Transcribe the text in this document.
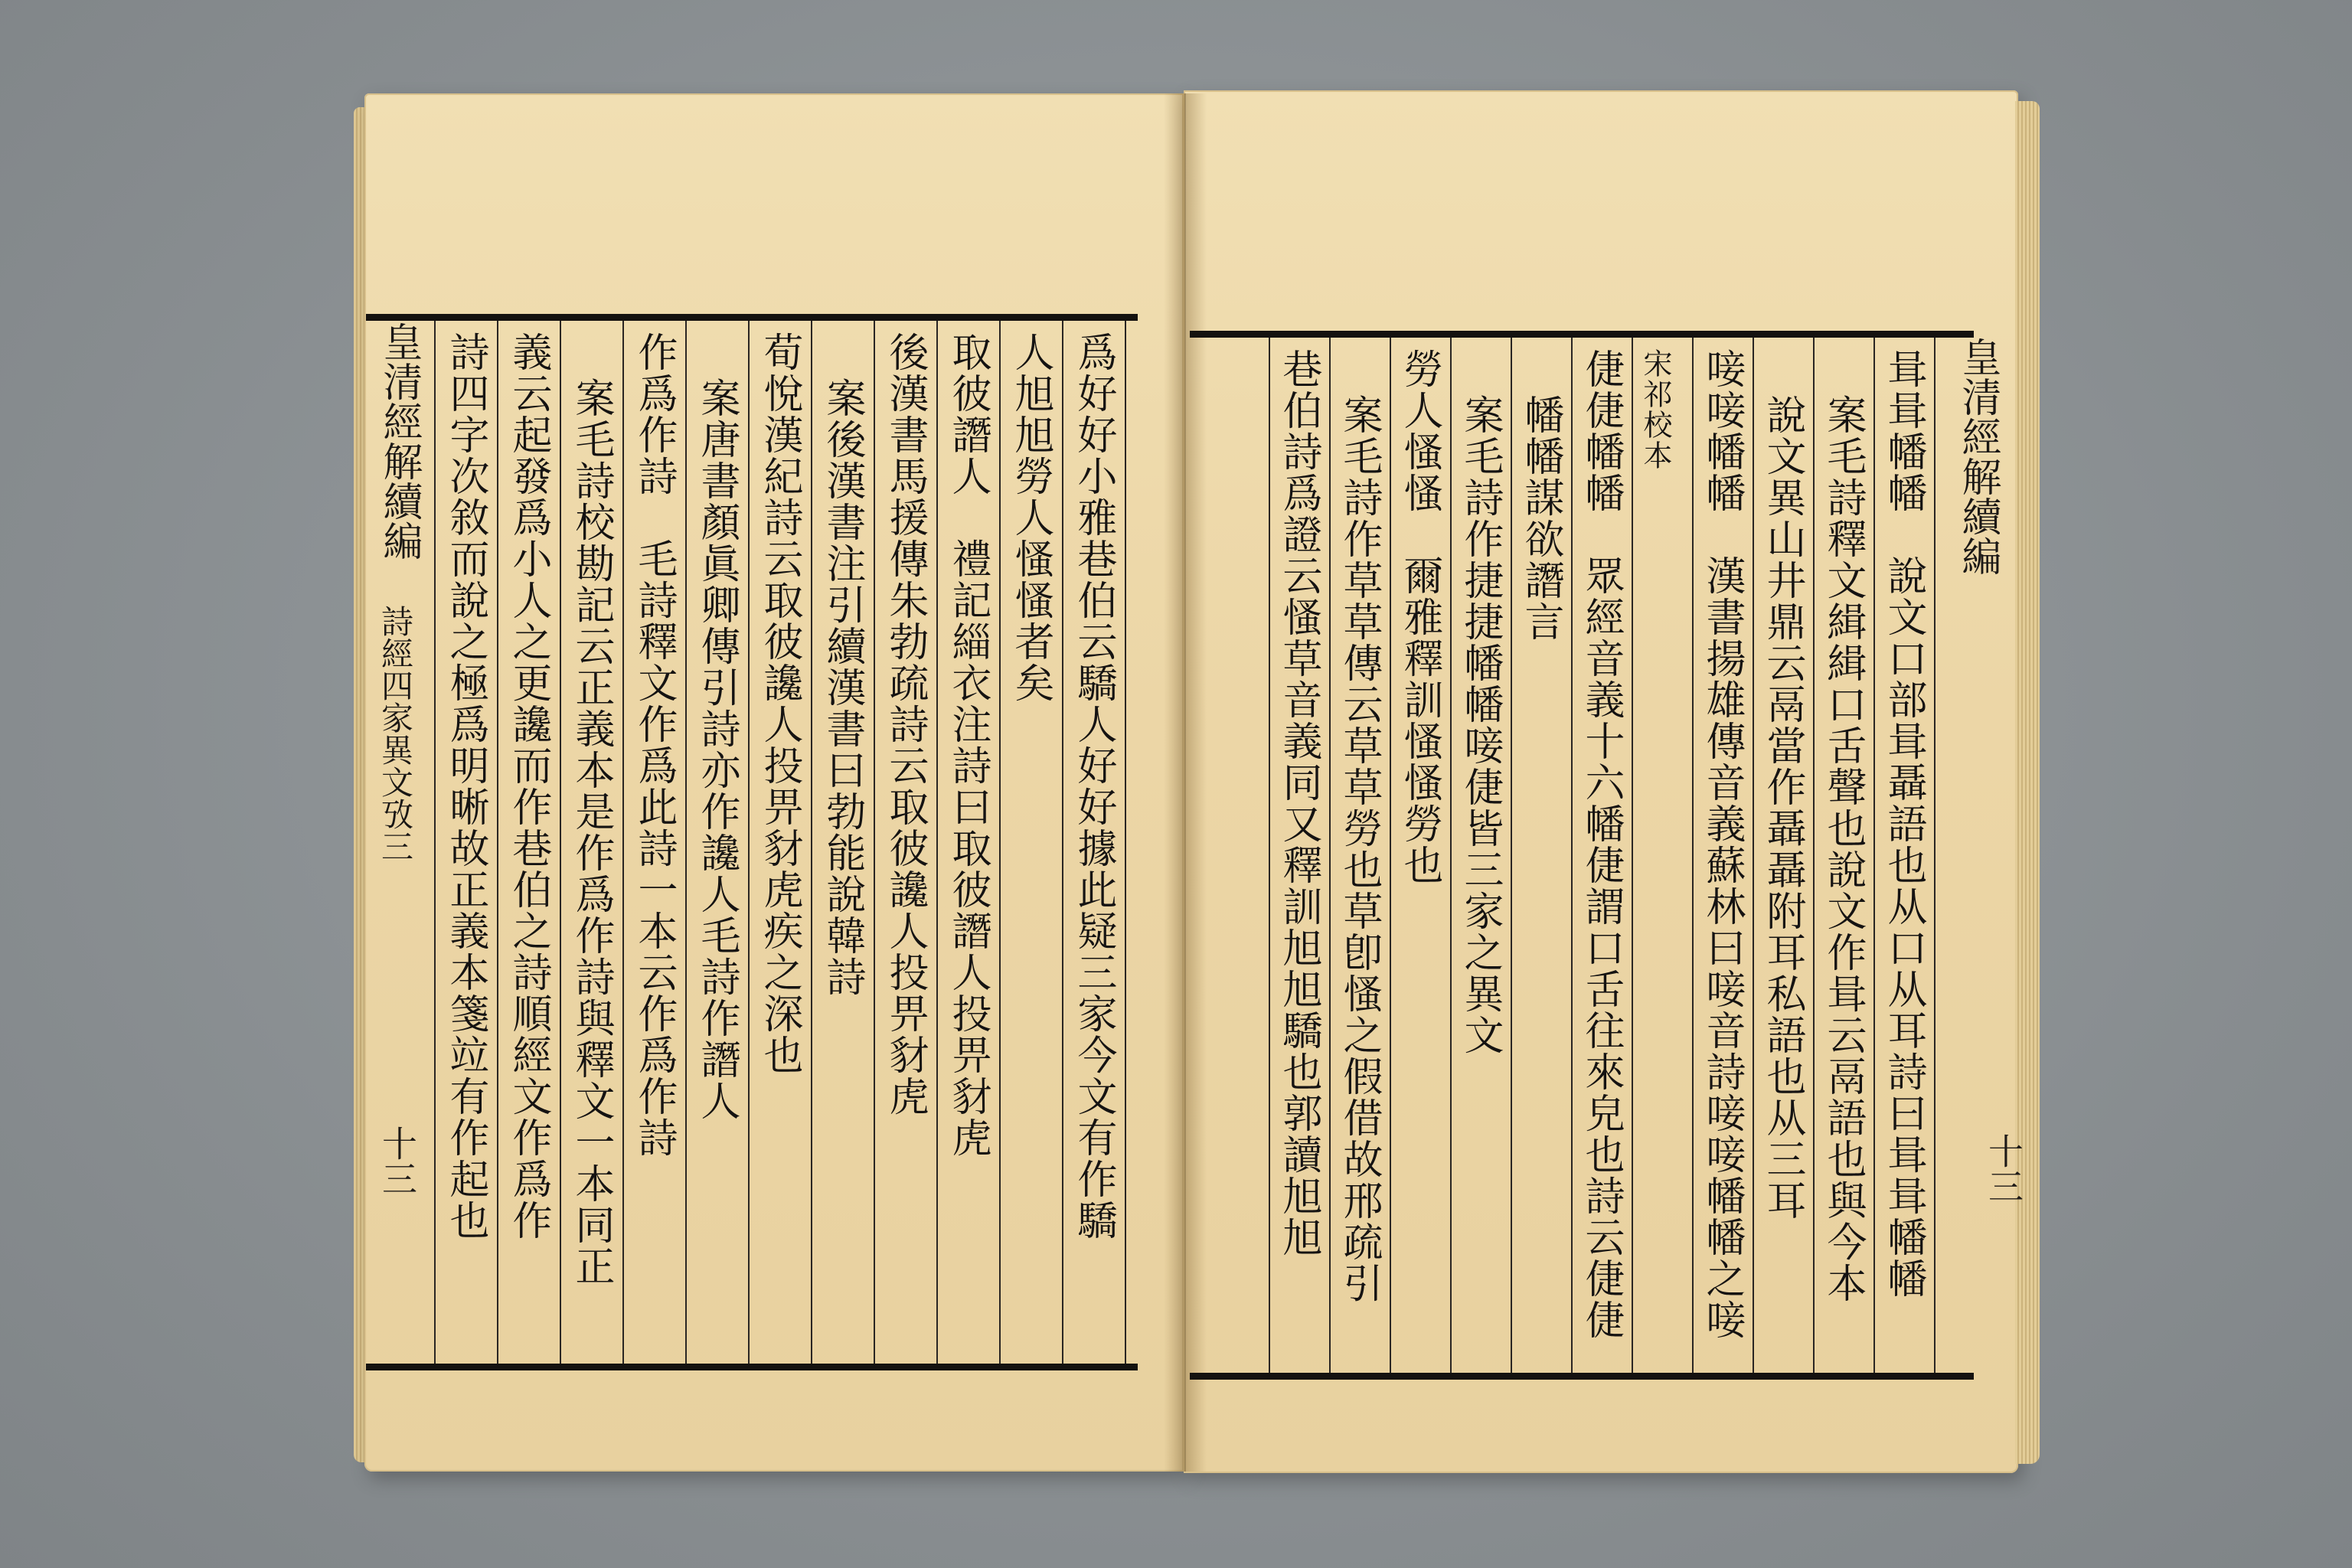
爲好好小雅巷伯云驕人好好據此疑三家今文有作驕
人旭旭勞人慅慅者矣
取彼譖人　禮記緇衣注詩曰取彼譖人投畀豺虎
後漢書馬援傳朱勃疏詩云取彼讒人投畀豺虎
案後漢書注引續漢書曰勃能說韓詩
荀悅漢紀詩云取彼讒人投畀豺虎疾之深也
案唐書顏眞卿傳引詩亦作讒人毛詩作譖人
作爲作詩　毛詩釋文作爲此詩一本云作爲作詩
案毛詩校勘記云正義本是作爲作詩與釋文一本同正
義云起發爲小人之更讒而作巷伯之詩順經文作爲作
詩四字次敘而說之極爲明晰故正義本箋竝有作起也
皇清經解續編
詩經四家異文攷三
十三	咠咠幡幡　說文口部咠聶語也从口从耳詩曰咠咠幡幡
案毛詩釋文緝緝口舌聲也說文作咠云鬲語也與今本
說文異山井鼎云鬲當作聶聶附耳私語也从三耳
唼唼幡幡　漢書揚雄傳音義蘇林曰唼音詩唼唼幡幡之唼
宋祁校本
倢倢幡幡　眾經音義十六幡倢謂口舌往來皃也詩云倢倢
幡幡謀欲譖言
案毛詩作捷捷幡幡唼倢皆三家之異文
勞人慅慅　爾雅釋訓慅慅勞也
案毛詩作草草傳云草草勞也草卽慅之假借故邢疏引
巷伯詩爲證云慅草音義同又釋訓旭旭驕也郭讀旭旭	皇清經解續編
十三
